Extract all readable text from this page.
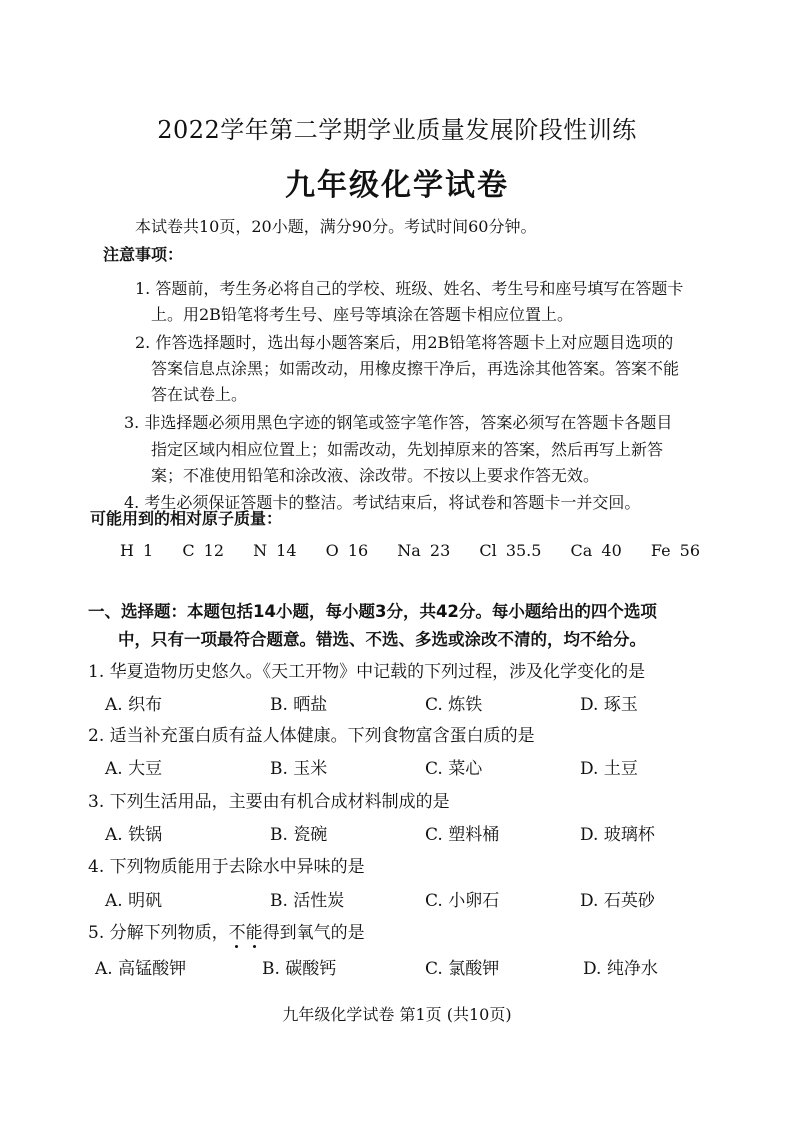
2022学年第二学期学业质量发展阶段性训练
九年级化学试卷
本试卷共10页，20小题，满分90分。考试时间60分钟。
注意事项：
1. 答题前，考生务必将自己的学校、班级、姓名、考生号和座号填写在答题卡
上。用2B铅笔将考生号、座号等填涂在答题卡相应位置上。
2. 作答选择题时，选出每小题答案后，用2B铅笔将答题卡上对应题目选项的
答案信息点涂黑；如需改动，用橡皮擦干净后，再选涂其他答案。答案不能
答在试卷上。
3. 非选择题必须用黑色字迹的钢笔或签字笔作答，答案必须写在答题卡各题目
指定区域内相应位置上；如需改动，先划掉原来的答案，然后再写上新答
案；不准使用铅笔和涂改液、涂改带。不按以上要求作答无效。
4. 考生必须保证答题卡的整洁。考试结束后，将试卷和答题卡一并交回。
可能用到的相对原子质量：
H 1 C 12 N 14 O 16 Na 23 Cl 35.5 Ca 40 Fe 56
一、选择题：本题包括14小题，每小题3分，共42分。每小题给出的四个选项
中，只有一项最符合题意。错选、不选、多选或涂改不清的，均不给分。
1. 华夏造物历史悠久。《天工开物》中记载的下列过程，涉及化学变化的是
A. 织布	B. 晒盐	C. 炼铁	D. 琢玉
2. 适当补充蛋白质有益人体健康。下列食物富含蛋白质的是
A. 大豆	B. 玉米	C. 菜心	D. 土豆
3. 下列生活用品，主要由有机合成材料制成的是
A. 铁锅	B. 瓷碗	C. 塑料桶	D. 玻璃杯
4. 下列物质能用于去除水中异味的是
A. 明矾	B. 活性炭	C. 小卵石	D. 石英砂
5. 分解下列物质，不能
得到氧气的是
A. 高锰酸钾	B. 碳酸钙	C. 氯酸钾	D. 纯净水
九年级化学试卷 第1页 (共10页)
